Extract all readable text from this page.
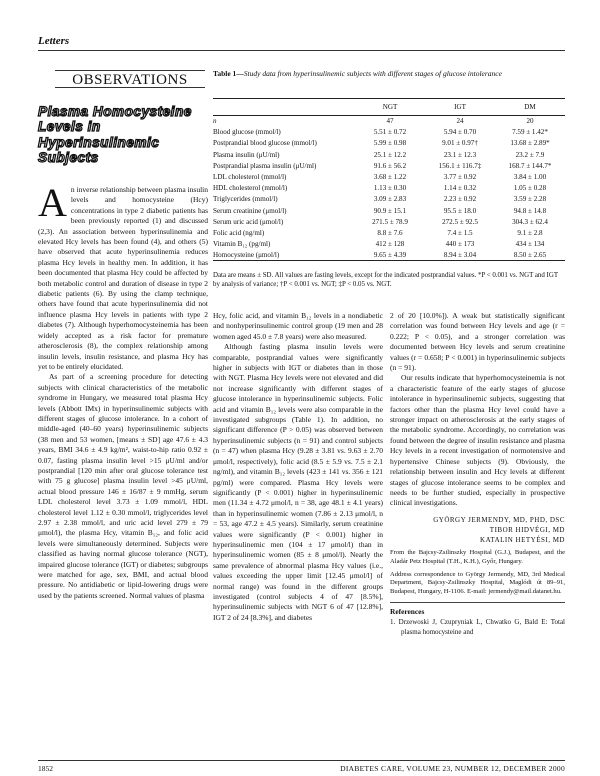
Letters
OBSERVATIONS
Plasma Homocysteine Levels in Hyperinsulinemic Subjects

An inverse relationship between plasma insulin levels and homocysteine (Hcy) concentrations in type 2 diabetic patients has been previously reported (1) and discussed (2,3). An association between hyperinsulinemia and elevated Hcy levels has been found (4), and others (5) have observed that acute hyperinsulinemia reduces plasma Hcy levels in healthy men. In addition, it has been documented that plasma Hcy could be affected by both metabolic control and duration of disease in type 2 diabetic patients (6). By using the clamp technique, others have found that acute hyperinsulinemia did not influence plasma Hcy levels in patients with type 2 diabetes (7). Although hyperhomocysteinemia has been widely accepted as a risk factor for premature atherosclerosis (8), the complex relationship among insulin levels, insulin resistance, and plasma Hcy has yet to be entirely elucidated.

As part of a screening procedure for detecting subjects with clinical characteristics of the metabolic syndrome in Hungary, we measured total plasma Hcy levels (Abbott IMx) in hyperinsulinemic subjects with different stages of glucose intolerance. In a cohort of middle-aged (40–60 years) hyperinsulinemic subjects (38 men and 53 women, [means ± SD] age 47.6 ± 4.3 years, BMI 34.6 ± 4.9 kg/m², waist-to-hip ratio 0.92 ± 0.07, fasting plasma insulin level >15 μU/ml and/or postprandial [120 min after oral glucose tolerance test with 75 g glucose] plasma insulin level >45 μU/ml, actual blood pressure 146 ± 16/87 ± 9 mmHg, serum LDL cholesterol level 3.73 ± 1.09 mmol/l, HDL cholesterol level 1.12 ± 0.30 mmol/l, triglycerides level 2.97 ± 2.38 mmol/l, and uric acid level 279 ± 79 μmol/l), the plasma Hcy, vitamin B₁₂, and folic acid levels were simultaneously determined. Subjects were classified as having normal glucose tolerance (NGT), impaired glucose tolerance (IGT) or diabetes; subgroups were matched for age, sex, BMI, and actual blood pressure. No antidiabetic or lipid-lowering drugs were used by the patients screened. Normal values of plasma

Table 1—Study data from hyperinsulinemic subjects with different stages of glucose intolerance
	NGT	IGT	DM
n	47	24	20
Blood glucose (mmol/l)	5.51 ± 0.72	5.94 ± 0.70	7.59 ± 1.42*
Postprandial blood glucose (mmol/l)	5.99 ± 0.98	9.01 ± 0.97†	13.68 ± 2.89*
Plasma insulin (μU/ml)	25.1 ± 12.2	23.1 ± 12.3	23.2 ± 7.9
Postprandial plasma insulin (μU/ml)	91.6 ± 56.2	156.1 ± 116.7‡	168.7 ± 144.7*
LDL cholesterol (mmol/l)	3.68 ± 1.22	3.77 ± 0.92	3.84 ± 1.00
HDL cholesterol (mmol/l)	1.13 ± 0.30	1.14 ± 0.32	1.05 ± 0.28
Triglycerides (mmol/l)	3.09 ± 2.83	2.23 ± 0.92	3.59 ± 2.28
Serum creatinine (μmol/l)	90.9 ± 15.1	95.5 ± 18.0	94.8 ± 14.8
Serum uric acid (μmol/l)	271.5 ± 78.9	272.5 ± 92.5	304.3 ± 62.4
Folic acid (ng/ml)	8.8 ± 7.6	7.4 ± 1.5	9.1 ± 2.8
Vitamin B₁₂ (pg/ml)	412 ± 128	440 ± 173	434 ± 134
Homocysteine (μmol/l)	9.65 ± 4.39	8.94 ± 3.04	8.50 ± 2.65
Data are means ± SD. All values are fasting levels, except for the indicated postprandial values. *P < 0.001 vs. NGT and IGT by analysis of variance; †P < 0.001 vs. NGT; ‡P < 0.05 vs. NGT.

Hcy, folic acid, and vitamin B₁₂ levels in a nondiabetic and nonhyperinsulinemic control group (19 men and 28 women aged 45.0 ± 7.8 years) were also measured.

Although fasting plasma insulin levels were comparable, postprandial values were significantly higher in subjects with IGT or diabetes than in those with NGT. Plasma Hcy levels were not elevated and did not increase significantly with different stages of glucose intolerance in hyperinsulinemic subjects. Folic acid and vitamin B₁₂ levels were also comparable in the investigated subgroups (Table 1). In addition, no significant difference (P > 0.05) was observed between hyperinsulinemic subjects (n = 91) and control subjects (n = 47) when plasma Hcy (9.28 ± 3.81 vs. 9.63 ± 2.70 μmol/l, respectively), folic acid (8.5 ± 5.9 vs. 7.5 ± 2.1 ng/ml), and vitamin B₁₂ levels (423 ± 141 vs. 356 ± 121 pg/ml) were compared. Plasma Hcy levels were significantly (P < 0.001) higher in hyperinsulinemic men (11.34 ± 4.72 μmol/l, n = 38, age 48.1 ± 4.1 years) than in hyperinsulinemic women (7.86 ± 2.13 μmol/l, n = 53, age 47.2 ± 4.5 years). Similarly, serum creatinine values were significantly (P < 0.001) higher in hyperinsulinemic men (104 ± 17 μmol/l) than in hyperinsulinemic women (85 ± 8 μmol/l). Nearly the same prevalence of abnormal plasma Hcy values (i.e., values exceeding the upper limit [12.45 μmol/l] of normal range) was found in the different groups investigated (control subjects 4 of 47 [8.5%], hyperinsulinemic subjects with NGT 6 of 47 [12.8%], IGT 2 of 24 [8.3%], and diabetes

2 of 20 [10.0%]). A weak but statistically significant correlation was found between Hcy levels and age (r = 0.222; P < 0.05), and a stronger correlation was documented between Hcy levels and serum creatinine values (r = 0.658; P < 0.001) in hyperinsulinemic subjects (n = 91).

Our results indicate that hyperhomocysteinemia is not a characteristic feature of the early stages of glucose intolerance in hyperinsulinemic subjects, suggesting that factors other than the plasma Hcy level could have a stronger impact on atherosclerosis at the early stages of the metabolic syndrome. Accordingly, no correlation was found between the degree of insulin resistance and plasma Hcy levels in a recent investigation of normotensive and hypertensive Chinese subjects (9). Obviously, the relationship between insulin and Hcy levels at different stages of glucose intolerance seems to be complex and needs to be further studied, especially in prospective clinical investigations.

GYÖRGY JERMENDY, MD, PHD, DSC
TIBOR HIDVÉGI, MD
KATALIN HETYÉSI, MD
From the Bajcsy-Zsilinszky Hospital (G.J.), Budapest, and the Aladár Petz Hospital (T.H., K.H.), Győr, Hungary.
Address correspondence to György Jermendy, MD, 3rd Medical Department, Bajcsy-Zsilinszky Hospital, Maglódi út 89–91, Budapest, Hungary, H-1106. E-mail: jermendy@mail.datanet.hu.
References
1. Drzewoski J, Czupryniak L, Chwatko G, Bald E: Total plasma homocysteine and
1852	DIABETES CARE, VOLUME 23, NUMBER 12, DECEMBER 2000
